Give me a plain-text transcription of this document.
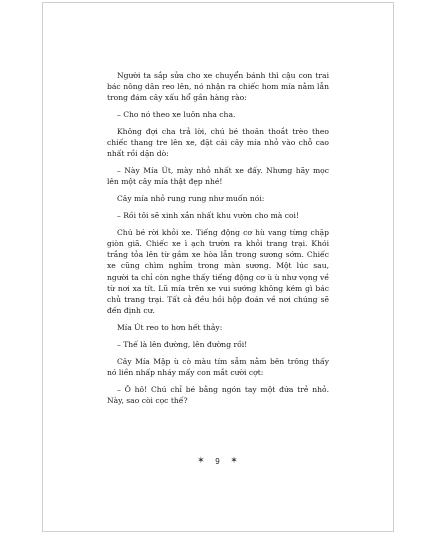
Người ta sắp sửa cho xe chuyển bánh thì cậu con trai bác nông dân reo lên, nó nhận ra chiếc hom mía nằm lẫn trong đám cây xấu hổ gần hàng rào:

– Cho nó theo xe luôn nha cha.

Không đợi cha trả lời, chú bé thoăn thoắt trèo theo chiếc thang tre lên xe, đặt cái cây mía nhỏ vào chỗ cao nhất rồi dặn dò:

– Này Mía Út, mày nhỏ nhất xe đấy. Nhưng hãy mọc lên một cây mía thật đẹp nhé!

Cây mía nhỏ rung rung như muốn nói:

– Rồi tôi sẽ xinh xắn nhất khu vườn cho mà coi!

Chú bé rời khỏi xe. Tiếng động cơ hù vang từng chặp giòn giã. Chiếc xe ì ạch trườn ra khỏi trang trại. Khói trắng tỏa lên từ gầm xe hòa lẫn trong sương sớm. Chiếc xe cũng chìm nghỉm trong màn sương. Một lúc sau, người ta chỉ còn nghe thấy tiếng động cơ ù ù như vọng về từ nơi xa tít. Lũ mía trên xe vui sướng không kém gì bác chủ trang trại. Tất cả đều hồi hộp đoán về nơi chúng sẽ đến định cư.

Mía Út reo to hơn hết thảy:

– Thế là lên đường, lên đường rồi!

Cây Mía Mập ù cò màu tím sẫm nằm bên trông thấy nó liền nhấp nháy mấy con mắt cười cợt:

– Ô hô! Chú chỉ bé bằng ngón tay một đứa trẻ nhỏ. Này, sao còi cọc thế?

✶ 9 ✶
